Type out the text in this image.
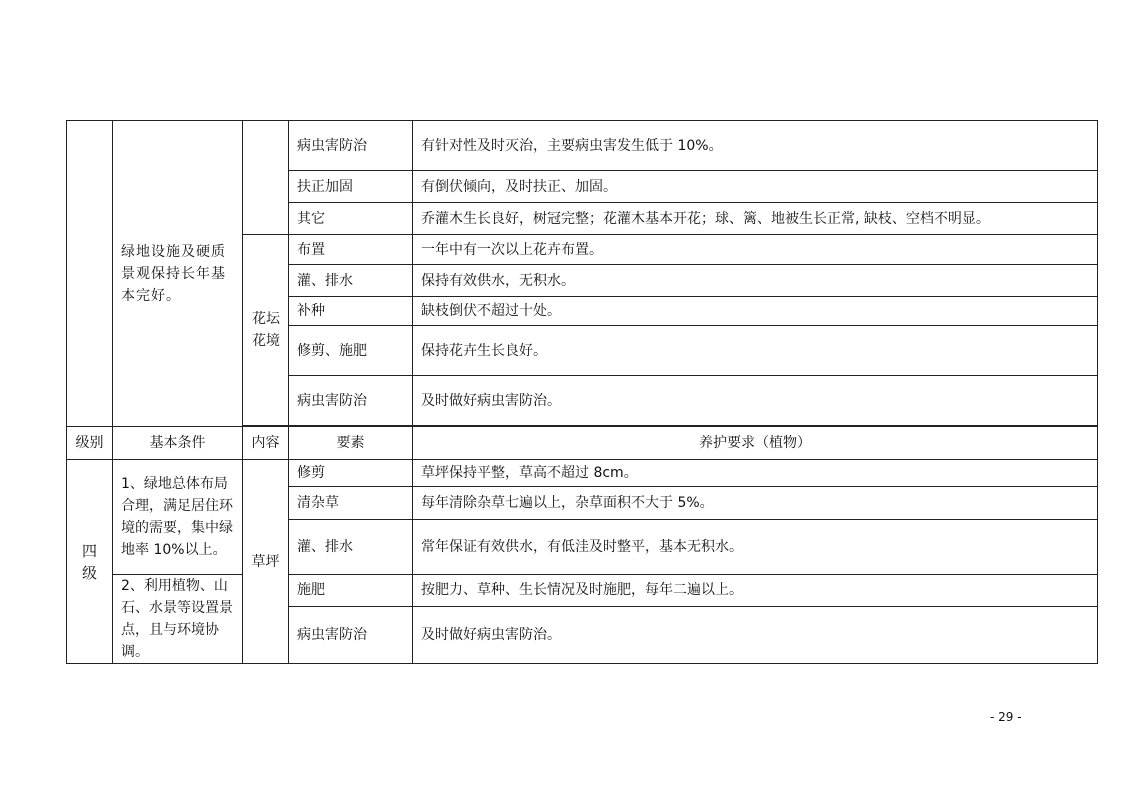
	绿地设施及硬质景观保持长年基本完好。		病虫害防治	有针对性及时灭治，主要病虫害发生低于 10%。
			扶正加固	有倒伏倾向，及时扶正、加固。
			其它	乔灌木生长良好，树冠完整；花灌木基本开花；球、篱、地被生长正常, 缺枝、空档不明显。

		花坛花境	布置	一年中有一次以上花卉布置。
			灌、排水	保持有效供水，无积水。
			补种	缺枝倒伏不超过十处。
			修剪、施肥	保持花卉生长良好。
			病虫害防治	及时做好病虫害防治。

级别	基本条件	内容	要素	养护要求（植物）
四级	1、绿地总体布局合理，满足居住环境的需要，集中绿地率 10%以上。	草坪	修剪	草坪保持平整，草高不超过 8cm。
			清杂草	每年清除杂草七遍以上，杂草面积不大于 5%。
			灌、排水	常年保证有效供水，有低洼及时整平，基本无积水。
	2、利用植物、山石、水景等设置景点，且与环境协调。		施肥	按肥力、草种、生长情况及时施肥，每年二遍以上。
			病虫害防治	及时做好病虫害防治。
- 29 -
